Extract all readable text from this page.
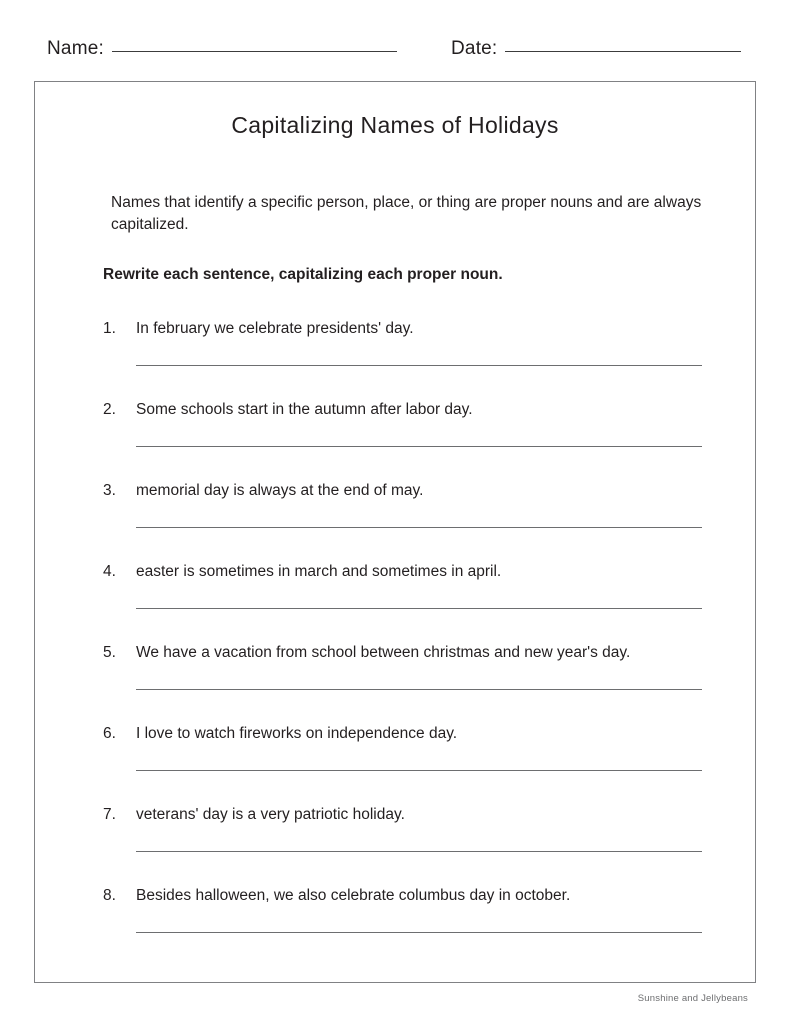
Name:	Date:
Capitalizing Names of Holidays
Names that identify a specific person, place, or thing are proper nouns and are always capitalized.
Rewrite each sentence, capitalizing each proper noun.
1.	In february we celebrate presidents' day.
2.	Some schools start in the autumn after labor day.
3.	memorial day is always at the end of may.
4.	easter is sometimes in march and sometimes in april.
5.	We have a vacation from school between christmas and new year's day.
6.	I love to watch fireworks on independence day.
7.	veterans' day is a very patriotic holiday.
8.	Besides halloween, we also celebrate columbus day in october.
Sunshine and Jellybeans
